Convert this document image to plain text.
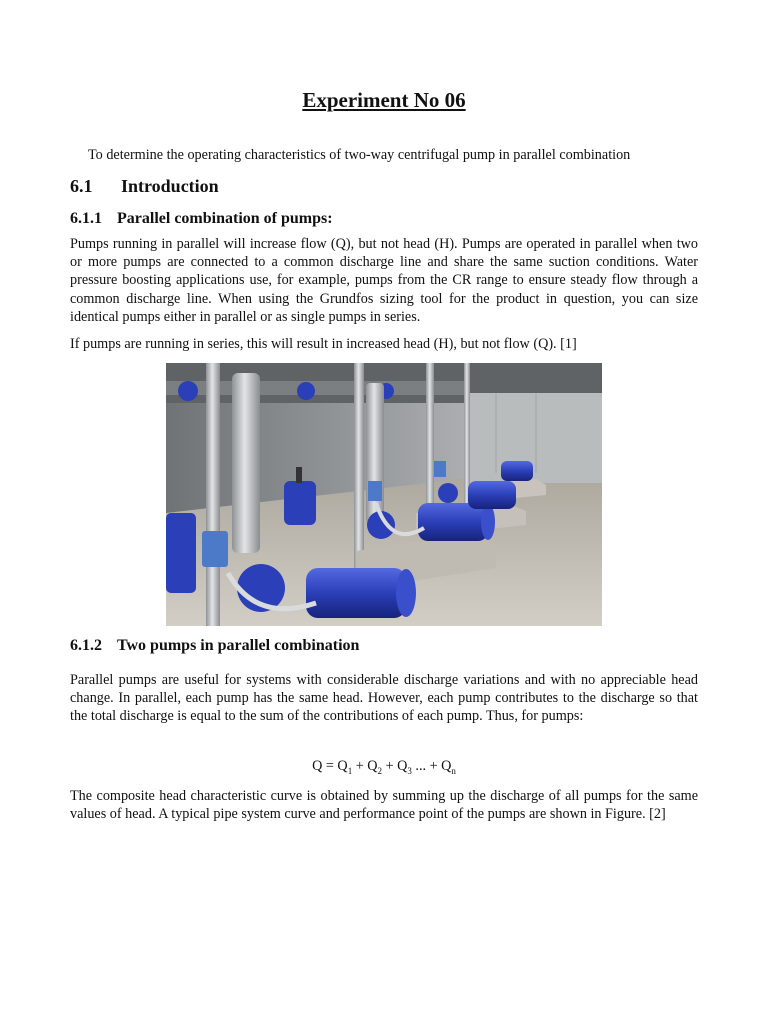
Experiment No 06
To determine the operating characteristics of two-way centrifugal pump in parallel combination
6.1 Introduction
6.1.1 Parallel combination of pumps:

Pumps running in parallel will increase flow (Q), but not head (H). Pumps are operated in parallel when two or more pumps are connected to a common discharge line and share the same suction conditions. Water pressure boosting applications use, for example, pumps from the CR range to ensure steady flow through a common discharge line. When using the Grundfos sizing tool for the product in question, you can size identical pumps either in parallel or as single pumps in series.

If pumps are running in series, this will result in increased head (H), but not flow (Q). [1]

6.1.2 Two pumps in parallel combination

Parallel pumps are useful for systems with considerable discharge variations and with no appreciable head change. In parallel, each pump has the same head. However, each pump contributes to the discharge so that the total discharge is equal to the sum of the contributions of each pump. Thus, for pumps:

$Q = Q_1 + Q_2 + Q_3$ ... + $Q_n$

The composite head characteristic curve is obtained by summing up the discharge of all pumps for the same values of head. A typical pipe system curve and performance point of the pumps are shown in Figure. [2]
